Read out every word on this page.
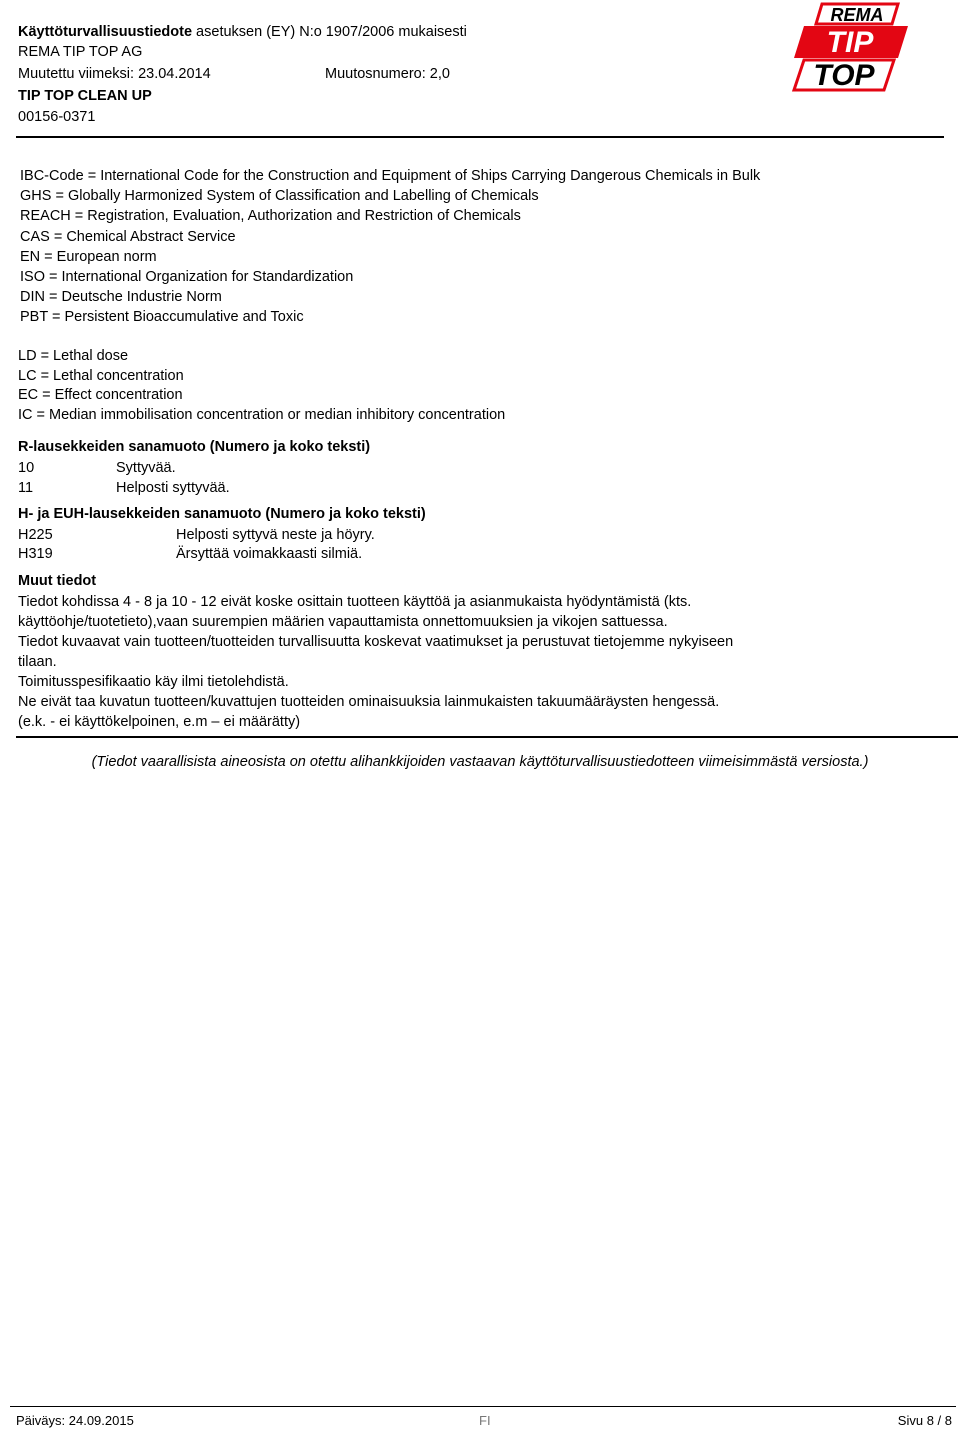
Käyttöturvallisuustiedote asetuksen (EY) N:o 1907/2006 mukaisesti
REMA TIP TOP AG
Muutettu viimeksi: 23.04.2014	Muutosnumero: 2,0
TIP TOP CLEAN UP
00156-0371
REMA
TIP
TOP
IBC-Code = International Code for the Construction and Equipment of Ships Carrying Dangerous Chemicals in Bulk
GHS = Globally Harmonized System of Classification and Labelling of Chemicals
REACH = Registration, Evaluation, Authorization and Restriction of Chemicals
CAS = Chemical Abstract Service
EN = European norm
ISO = International Organization for Standardization
DIN = Deutsche Industrie Norm
PBT = Persistent Bioaccumulative and Toxic
LD = Lethal dose
LC = Lethal concentration
EC = Effect concentration
IC = Median immobilisation concentration or median inhibitory concentration
R-lausekkeiden sanamuoto (Numero ja koko teksti)
10	Syttyvää.
11	Helposti syttyvää.
H- ja EUH-lausekkeiden sanamuoto (Numero ja koko teksti)
H225	Helposti syttyvä neste ja höyry.
H319	Ärsyttää voimakkaasti silmiä.
Muut tiedot
Tiedot kohdissa 4 - 8 ja 10 - 12 eivät koske osittain tuotteen käyttöä ja asianmukaista hyödyntämistä (kts.
käyttöohje/tuotetieto),vaan suurempien määrien vapauttamista onnettomuuksien ja vikojen sattuessa.
Tiedot kuvaavat vain tuotteen/tuotteiden turvallisuutta koskevat vaatimukset ja perustuvat tietojemme nykyiseen
tilaan.
Toimitusspesifikaatio käy ilmi tietolehdistä.
Ne eivät taa kuvatun tuotteen/kuvattujen tuotteiden ominaisuuksia lainmukaisten takuumääräysten hengessä.
(e.k. - ei käyttökelpoinen, e.m – ei määrätty)
(Tiedot vaarallisista aineosista on otettu alihankkijoiden vastaavan käyttöturvallisuustiedotteen viimeisimmästä versiosta.)
Päiväys: 24.09.2015	FI	Sivu 8 / 8
